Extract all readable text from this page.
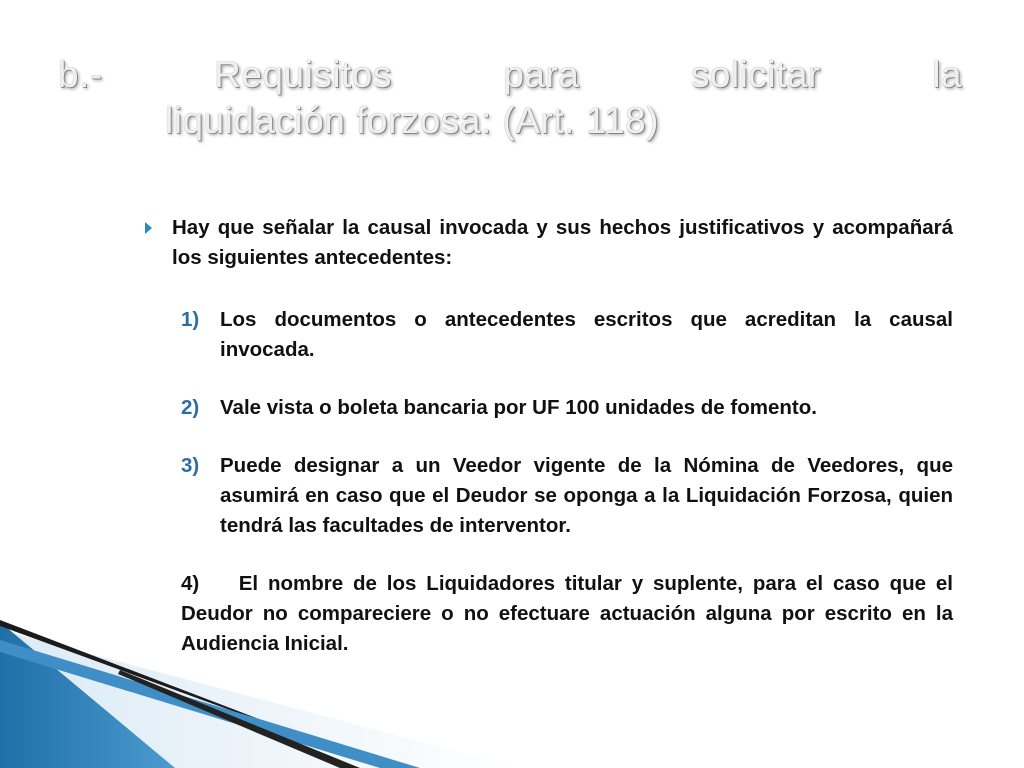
b.-	Requisitos	para	solicitar	la
liquidación forzosa: (Art. 118)
Hay que señalar la causal invocada y sus hechos justificativos y acompañará los siguientes antecedentes:
1) Los documentos o antecedentes escritos que acreditan la causal invocada.
2) Vale vista o boleta bancaria por UF 100 unidades de fomento.
3) Puede designar a un Veedor vigente de la Nómina de Veedores, que asumirá en caso que el Deudor se oponga a la Liquidación Forzosa, quien tendrá las facultades de interventor.
4)    El nombre de los Liquidadores titular y suplente, para el caso que el Deudor no compareciere o no efectuare actuación alguna por escrito en la Audiencia Inicial.
